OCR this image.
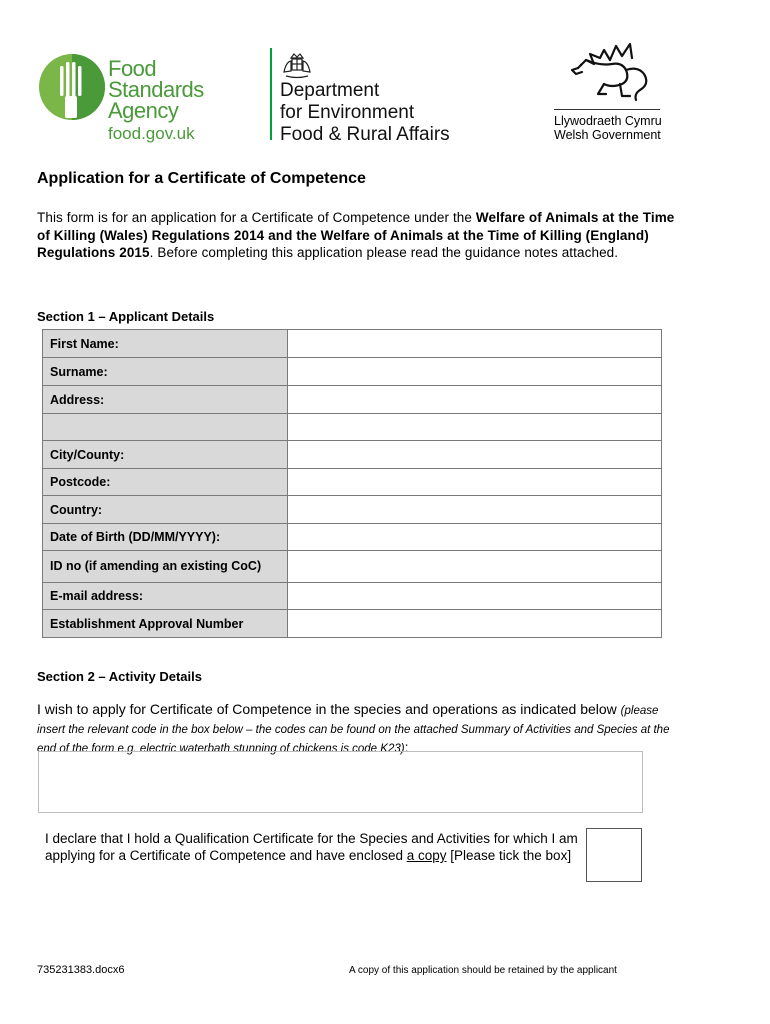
Food
Standards
Agency
food.gov.uk
Department
for Environment
Food & Rural Affairs
Llywodraeth Cymru
Welsh Government
Application for a Certificate of Competence
This form is for an application for a Certificate of Competence under the Welfare of Animals at the Time of Killing (Wales) Regulations 2014 and the Welfare of Animals at the Time of Killing (England) Regulations 2015. Before completing this application please read the guidance notes attached.
Section 1 – Applicant Details
First Name:	
Surname:	
Address:	

City/County:	
Postcode:	
Country:	
Date of Birth (DD/MM/YYYY):	
ID no (if amending an existing CoC)	
E-mail address:	
Establishment Approval Number	
Section 2 – Activity Details
I wish to apply for Certificate of Competence in the species and operations as indicated below (please insert the relevant code in the box below – the codes can be found on the attached Summary of Activities and Species at the end of the form e.g. electric waterbath stunning of chickens is code K23):
I declare that I hold a Qualification Certificate for the Species and Activities for which I am applying for a Certificate of Competence and have enclosed a copy [Please tick the box]
735231383.docx6	A copy of this application should be retained by the applicant
